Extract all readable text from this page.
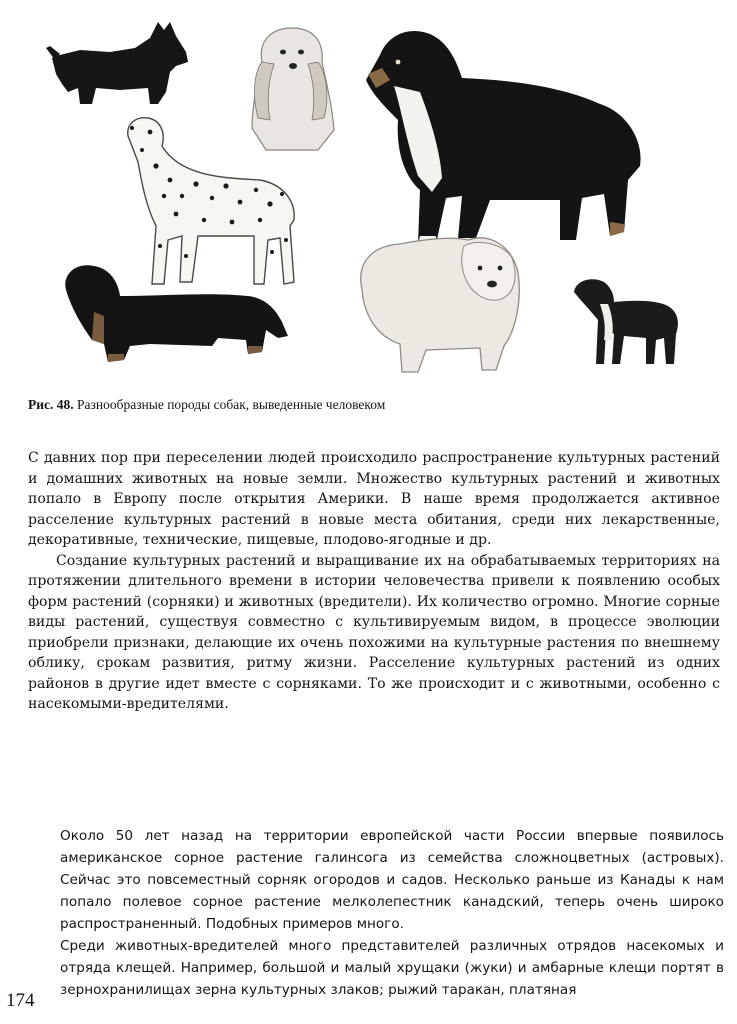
Рис. 48. Разнообразные породы собак, выведенные человеком

С давних пор при переселении людей происходило распространение культурных растений и домашних животных на новые земли. Множество культурных растений и животных попало в Европу после открытия Америки. В наше время продолжается активное расселение культурных растений в новые места обитания, среди них лекарственные, декоративные, технические, пищевые, плодово-ягодные и др.

Создание культурных растений и выращивание их на обрабатываемых территориях на протяжении длительного времени в истории человечества привели к появлению особых форм растений (сорняки) и животных (вредители). Их количество огромно. Многие сорные виды растений, существуя совместно с культивируемым видом, в процессе эволюции приобрели признаки, делающие их очень похожими на культурные растения по внешнему облику, срокам развития, ритму жизни. Расселение культурных растений из одних районов в другие идет вместе с сорняками. То же происходит и с животными, особенно с насекомыми-вредителями.

Около 50 лет назад на территории европейской части России впервые появилось американское сорное растение галинсога из семейства сложноцветных (астровых). Сейчас это повсеместный сорняк огородов и садов. Несколько раньше из Канады к нам попало полевое сорное растение мелколепестник канадский, теперь очень широко распространенный. Подобных примеров много.

Среди животных-вредителей много представителей различных отрядов насекомых и отряда клещей. Например, большой и малый хрущаки (жуки) и амбарные клещи портят в зернохранилищах зерна культурных злаков; рыжий таракан, платяная

174
